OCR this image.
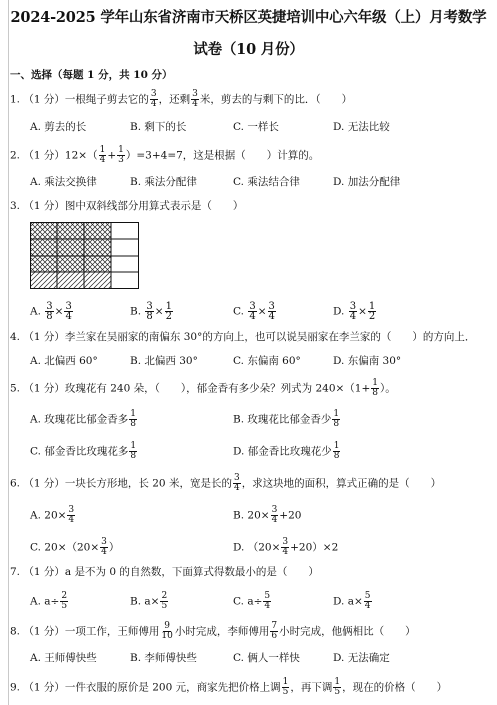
2024-2025 学年山东省济南市天桥区英捷培训中心六年级（上）月考数学
试卷（10 月份）
一、选择（每题 1 分，共 10 分）
1. （1 分）一根绳子剪去它的 $\frac{3}{4}$ ，还剩 $\frac{3}{4}$ 米，剪去的与剩下的比．（　　）
A. 剪去的长	B. 剩下的长	C. 一样长	D. 无法比较
2. （1 分）$12\times( \frac{1}{4} + \frac{1}{3} )=3+4=7$，这是根据（　　）计算的。
A. 乘法交换律	B. 乘法分配律	C. 乘法结合律	D. 加法分配律
3. （1 分）图中双斜线部分用算式表示是（　　）
A. $\frac{3}{8} \times \frac{3}{4}$	B. $\frac{3}{8} \times \frac{1}{2}$	C. $\frac{3}{4} \times \frac{3}{4}$	D. $\frac{3}{4} \times \frac{1}{2}$
4. （1 分）李兰家在吴丽家的南偏东 30°的方向上，也可以说吴丽家在李兰家的（　　）的方向上．
A. 北偏西 60°	B. 北偏西 30°	C. 东偏南 60°	D. 东偏南 30°
5. （1 分）玫瑰花有 240 朵，（　　），郁金香有多少朵？列式为 $240\times(1+ \frac{1}{8}$ ）。
A. 玫瑰花比郁金香多 $\frac{1}{8}$	B. 玫瑰花比郁金香少 $\frac{1}{8}$
C. 郁金香比玫瑰花多 $\frac{1}{8}$	D. 郁金香比玫瑰花少 $\frac{1}{8}$
6. （1 分）一块长方形地，长 20 米，宽是长的 $\frac{3}{4}$ ，求这块地的面积，算式正确的是（　　）
A. $20\times \frac{3}{4}$	B. $20\times \frac{3}{4} +20$
C. $20\times(20\times \frac{3}{4}$ ）	D. $(20\times \frac{3}{4} +20)\times 2$
7. （1 分）a 是不为 0 的自然数，下面算式得数最小的是（　　）
A. $a\div \frac{2}{5}$	B. $a\times \frac{2}{5}$	C. $a\div \frac{5}{4}$	D. $a\times \frac{5}{4}$
8. （1 分）一项工作，王师傅用 $\frac{9}{10}$ 小时完成，李师傅用 $\frac{7}{6}$ 小时完成，他俩相比（　　）
A. 王师傅快些	B. 李师傅快些	C. 俩人一样快	D. 无法确定
9. （1 分）一件衣服的原价是 200 元，商家先把价格上调 $\frac{1}{5}$ ，再下调 $\frac{1}{5}$ ，现在的价格（　　）
